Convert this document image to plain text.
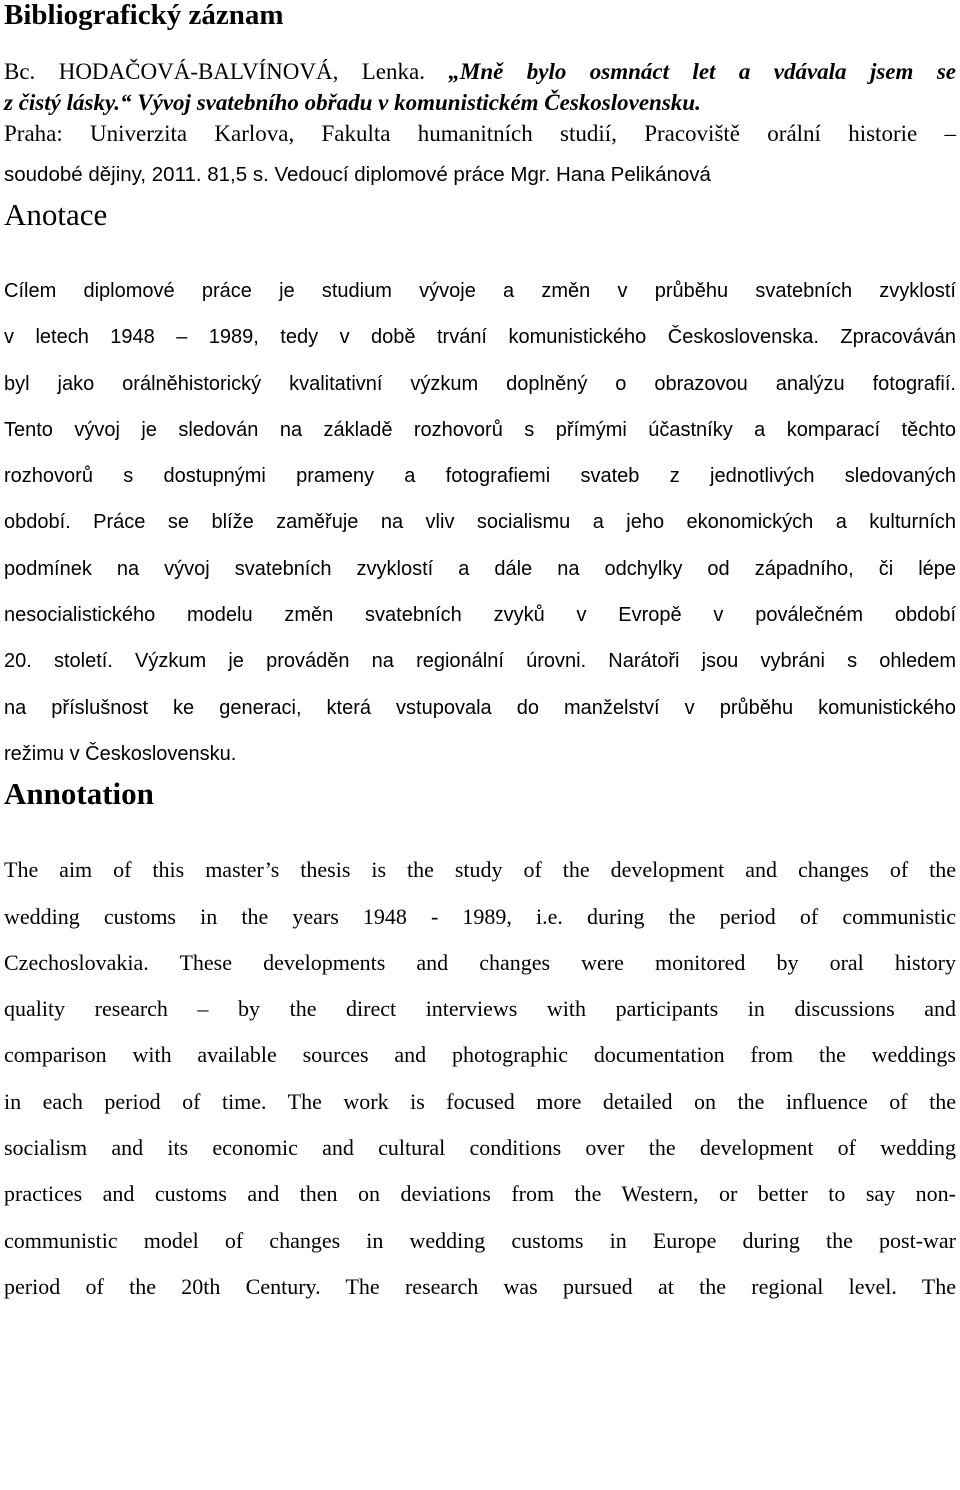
Bibliografický záznam
Bc. HODAČOVÁ-BALVÍNOVÁ, Lenka. „Mně bylo osmnáct let a vdávala jsem se
z čistý lásky.“ Vývoj svatebního obřadu v komunistickém Československu.
Praha: Univerzita Karlova, Fakulta humanitních studií, Pracoviště orální historie –
soudobé dějiny, 2011. 81,5 s. Vedoucí diplomové práce Mgr. Hana Pelikánová
Anotace
Cílem diplomové práce je studium vývoje a změn v průběhu svatebních zvyklostí
v letech 1948 – 1989, tedy v době trvání komunistického Československa. Zpracováván
byl jako orálněhistorický kvalitativní výzkum doplněný o obrazovou analýzu fotografií.
Tento vývoj je sledován na základě rozhovorů s přímými účastníky a komparací těchto
rozhovorů s dostupnými prameny a fotografiemi svateb z jednotlivých sledovaných
období. Práce se blíže zaměřuje na vliv socialismu a jeho ekonomických a kulturních
podmínek na vývoj svatebních zvyklostí a dále na odchylky od západního, či lépe
nesocialistického modelu změn svatebních zvyků v Evropě v poválečném období
20. století. Výzkum je prováděn na regionální úrovni. Narátoři jsou vybráni s ohledem
na příslušnost ke generaci, která vstupovala do manželství v průběhu komunistického
režimu v Československu.
Annotation
The aim of this master’s thesis is the study of the development and changes of the
wedding customs in the years 1948 - 1989, i.e. during the period of communistic
Czechoslovakia. These developments and changes were monitored by oral history
quality research – by the direct interviews with participants in discussions and
comparison with available sources and photographic documentation from the weddings
in each period of time. The work is focused more detailed on the influence of the
socialism and its economic and cultural conditions over the development of wedding
practices and customs and then on deviations from the Western, or better to say non-
communistic model of changes in wedding customs in Europe during the post-war
period of the 20th Century. The research was pursued at the regional level. The
